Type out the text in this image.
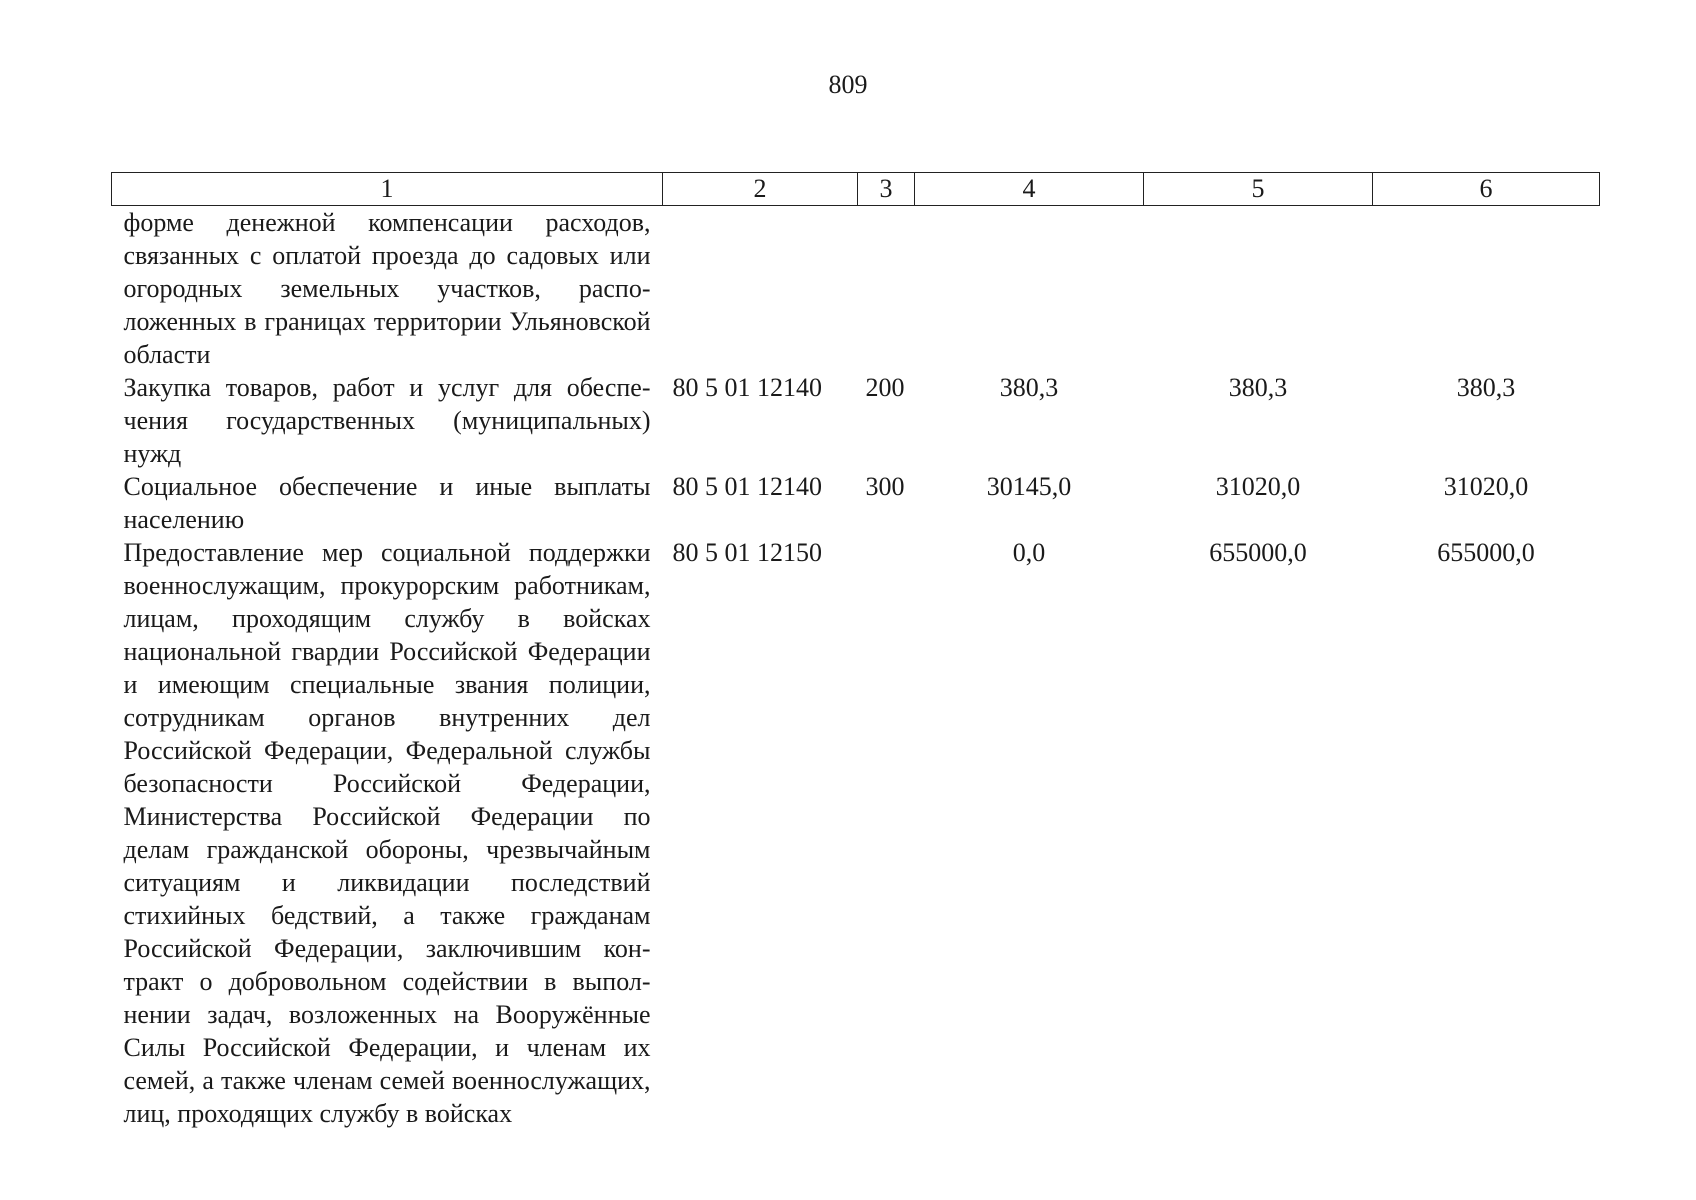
809
1	2	3	4	5	6
форме денежной компенсации расходов, связанных с оплатой проезда до садовых или огородных земельных участков, расположенных в границах территории Ульяновской области					
Закупка товаров, работ и услуг для обеспечения государственных (муниципальных) нужд	80 5 01 12140	200	380,3	380,3	380,3
Социальное обеспечение и иные выплаты населению	80 5 01 12140	300	30145,0	31020,0	31020,0
Предоставление мер социальной поддержки военнослужащим, прокурорским работникам, лицам, проходящим службу в войсках национальной гвардии Российской Федерации и имеющим специальные звания полиции, сотрудникам органов внутренних дел Российской Федерации, Федеральной службы безопасности Российской Федерации, Министерства Российской Федерации по делам гражданской обороны, чрезвычайным ситуациям и ликвидации последствий стихийных бедствий, а также гражданам Российской Федерации, заключившим контракт о добровольном содействии в выполнении задач, возложенных на Вооружённые Силы Российской Федерации, и членам их семей, а также членам семей военнослужащих, лиц, проходящих службу в войсках	80 5 01 12150		0,0	655000,0	655000,0
